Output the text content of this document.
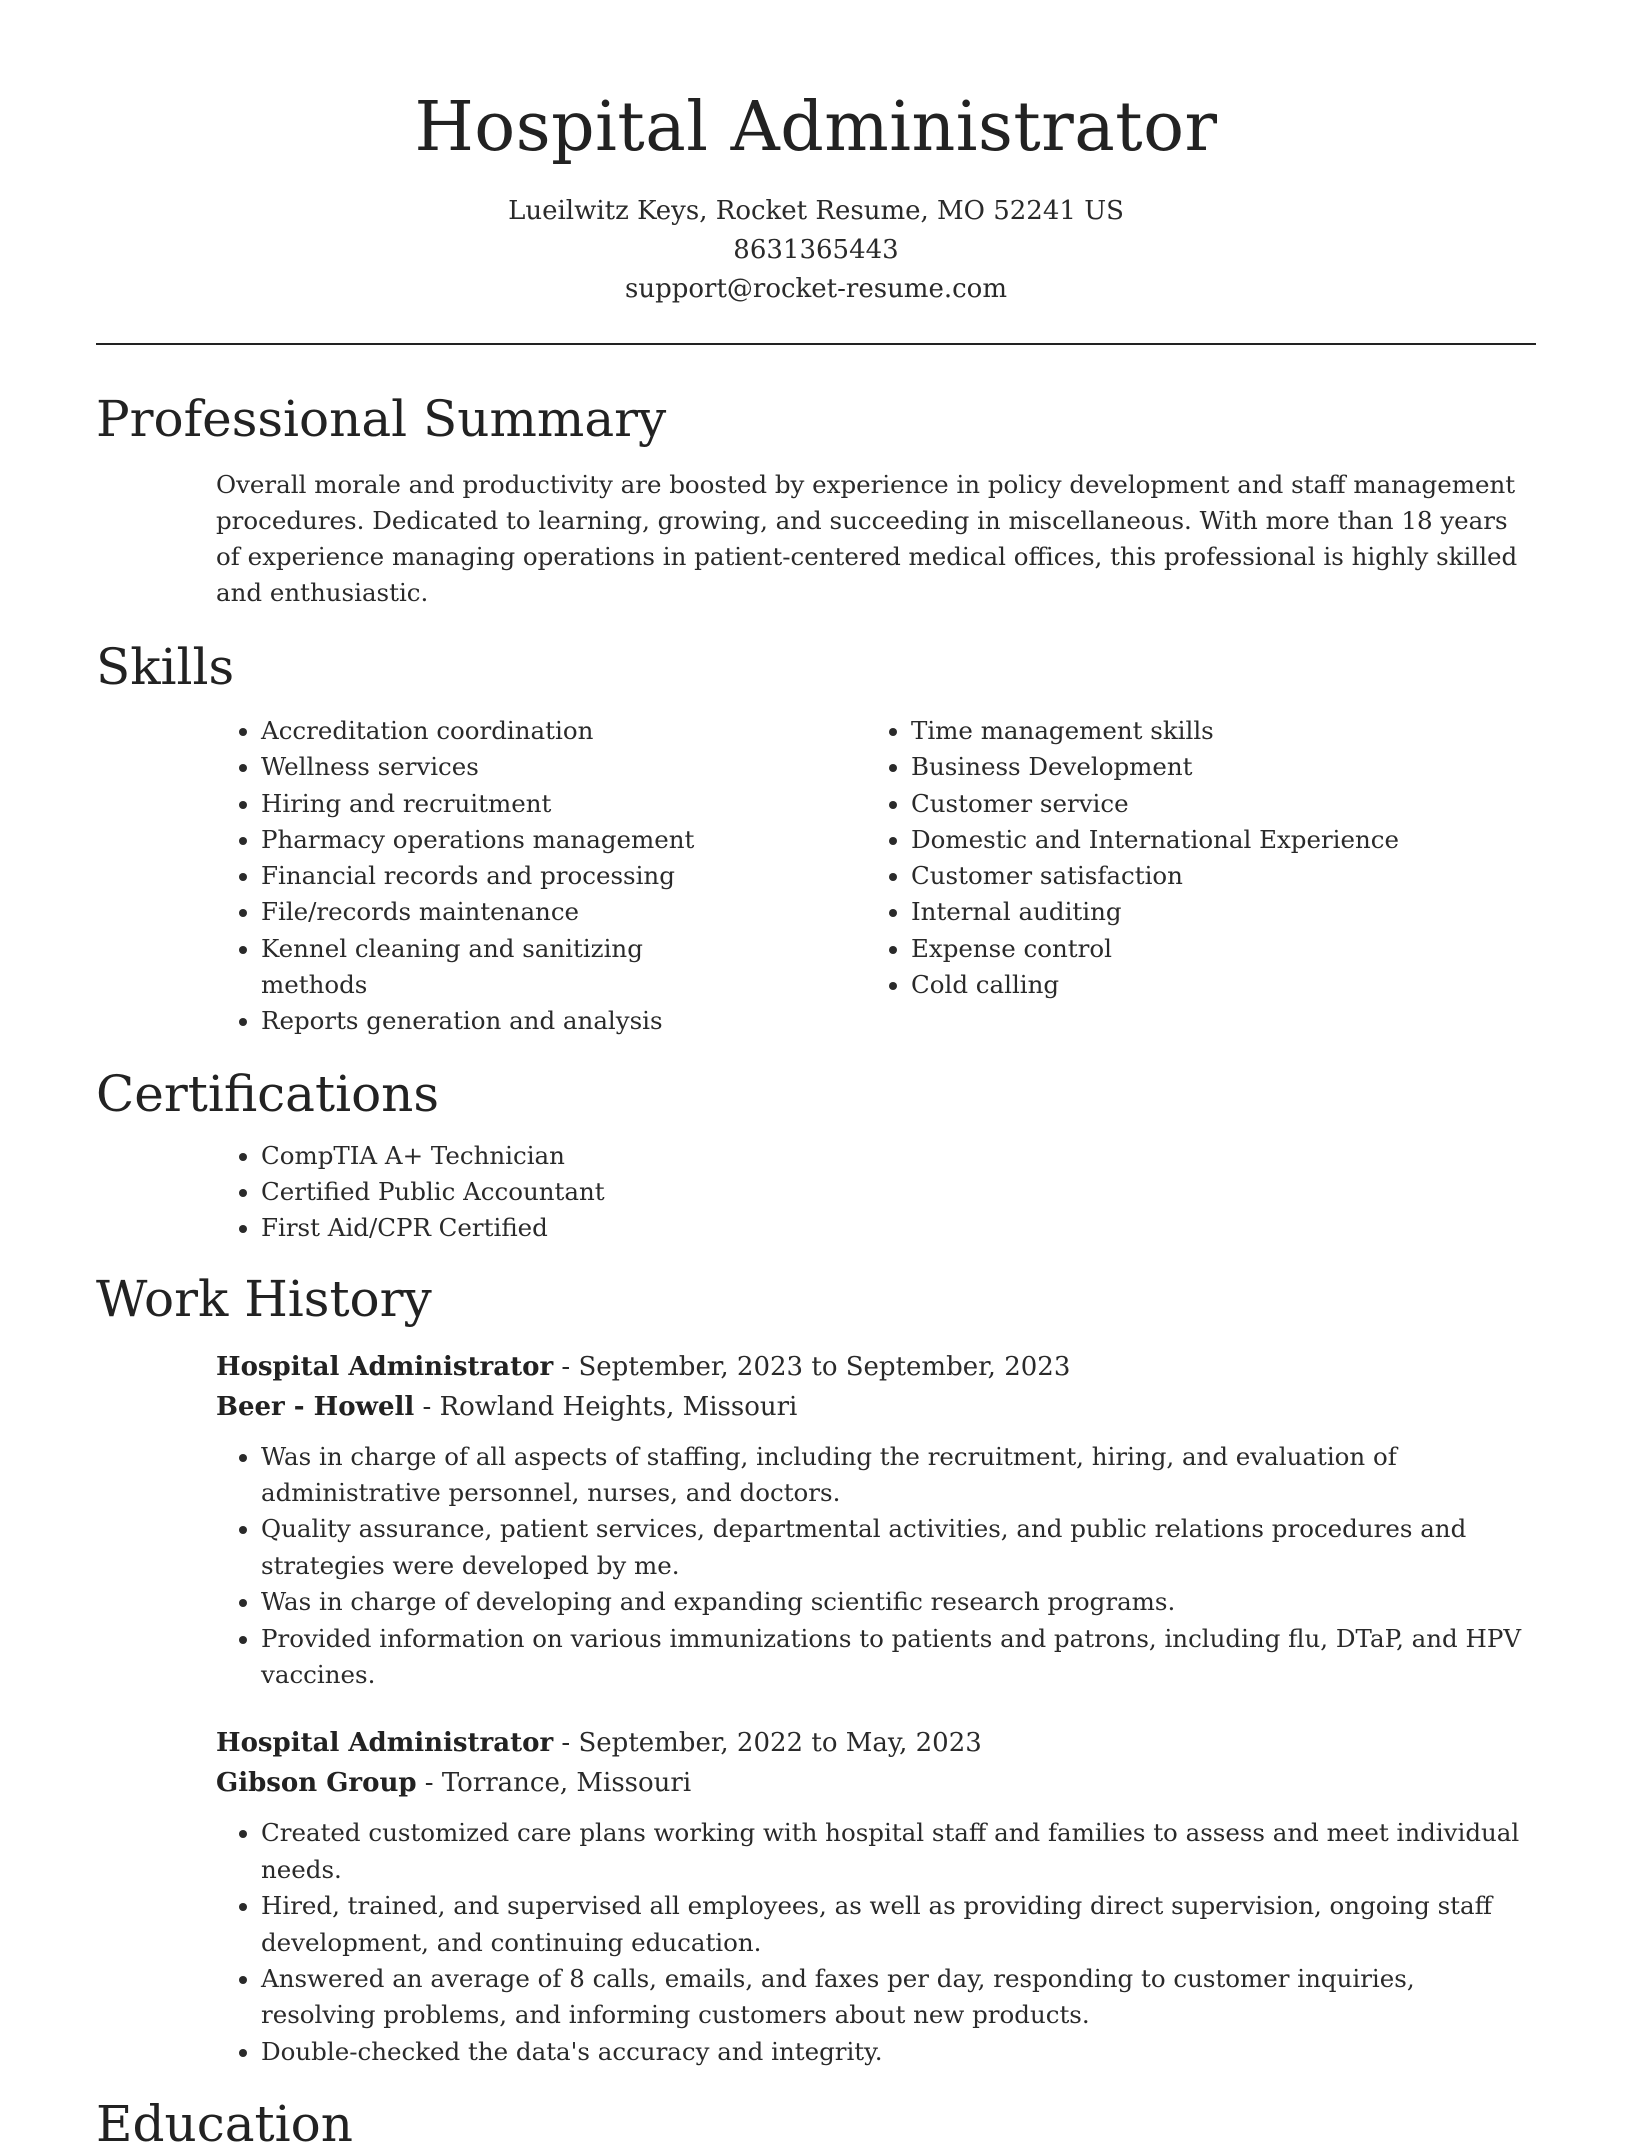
Hospital Administrator
Lueilwitz Keys, Rocket Resume, MO 52241 US
8631365443
support@rocket-resume.com
Professional Summary

Overall morale and productivity are boosted by experience in policy development and staff management procedures. Dedicated to learning, growing, and succeeding in miscellaneous. With more than 18 years of experience managing operations in patient-centered medical offices, this professional is highly skilled and enthusiastic.

Skills
• Accreditation coordination
• Wellness services
• Hiring and recruitment
• Pharmacy operations management
• Financial records and processing
• File/records maintenance
• Kennel cleaning and sanitizing methods
• Reports generation and analysis
• Time management skills
• Business Development
• Customer service
• Domestic and International Experience
• Customer satisfaction
• Internal auditing
• Expense control
• Cold calling
Certifications
• CompTIA A+ Technician
• Certified Public Accountant
• First Aid/CPR Certified
Work History
Hospital Administrator - September, 2023 to September, 2023
Beer - Howell - Rowland Heights, Missouri
• Was in charge of all aspects of staffing, including the recruitment, hiring, and evaluation of administrative personnel, nurses, and doctors.
• Quality assurance, patient services, departmental activities, and public relations procedures and strategies were developed by me.
• Was in charge of developing and expanding scientific research programs.
• Provided information on various immunizations to patients and patrons, including flu, DTaP, and HPV vaccines.
Hospital Administrator - September, 2022 to May, 2023
Gibson Group - Torrance, Missouri
• Created customized care plans working with hospital staff and families to assess and meet individual needs.
• Hired, trained, and supervised all employees, as well as providing direct supervision, ongoing staff development, and continuing education.
• Answered an average of 8 calls, emails, and faxes per day, responding to customer inquiries, resolving problems, and informing customers about new products.
• Double-checked the data's accuracy and integrity.
Education
